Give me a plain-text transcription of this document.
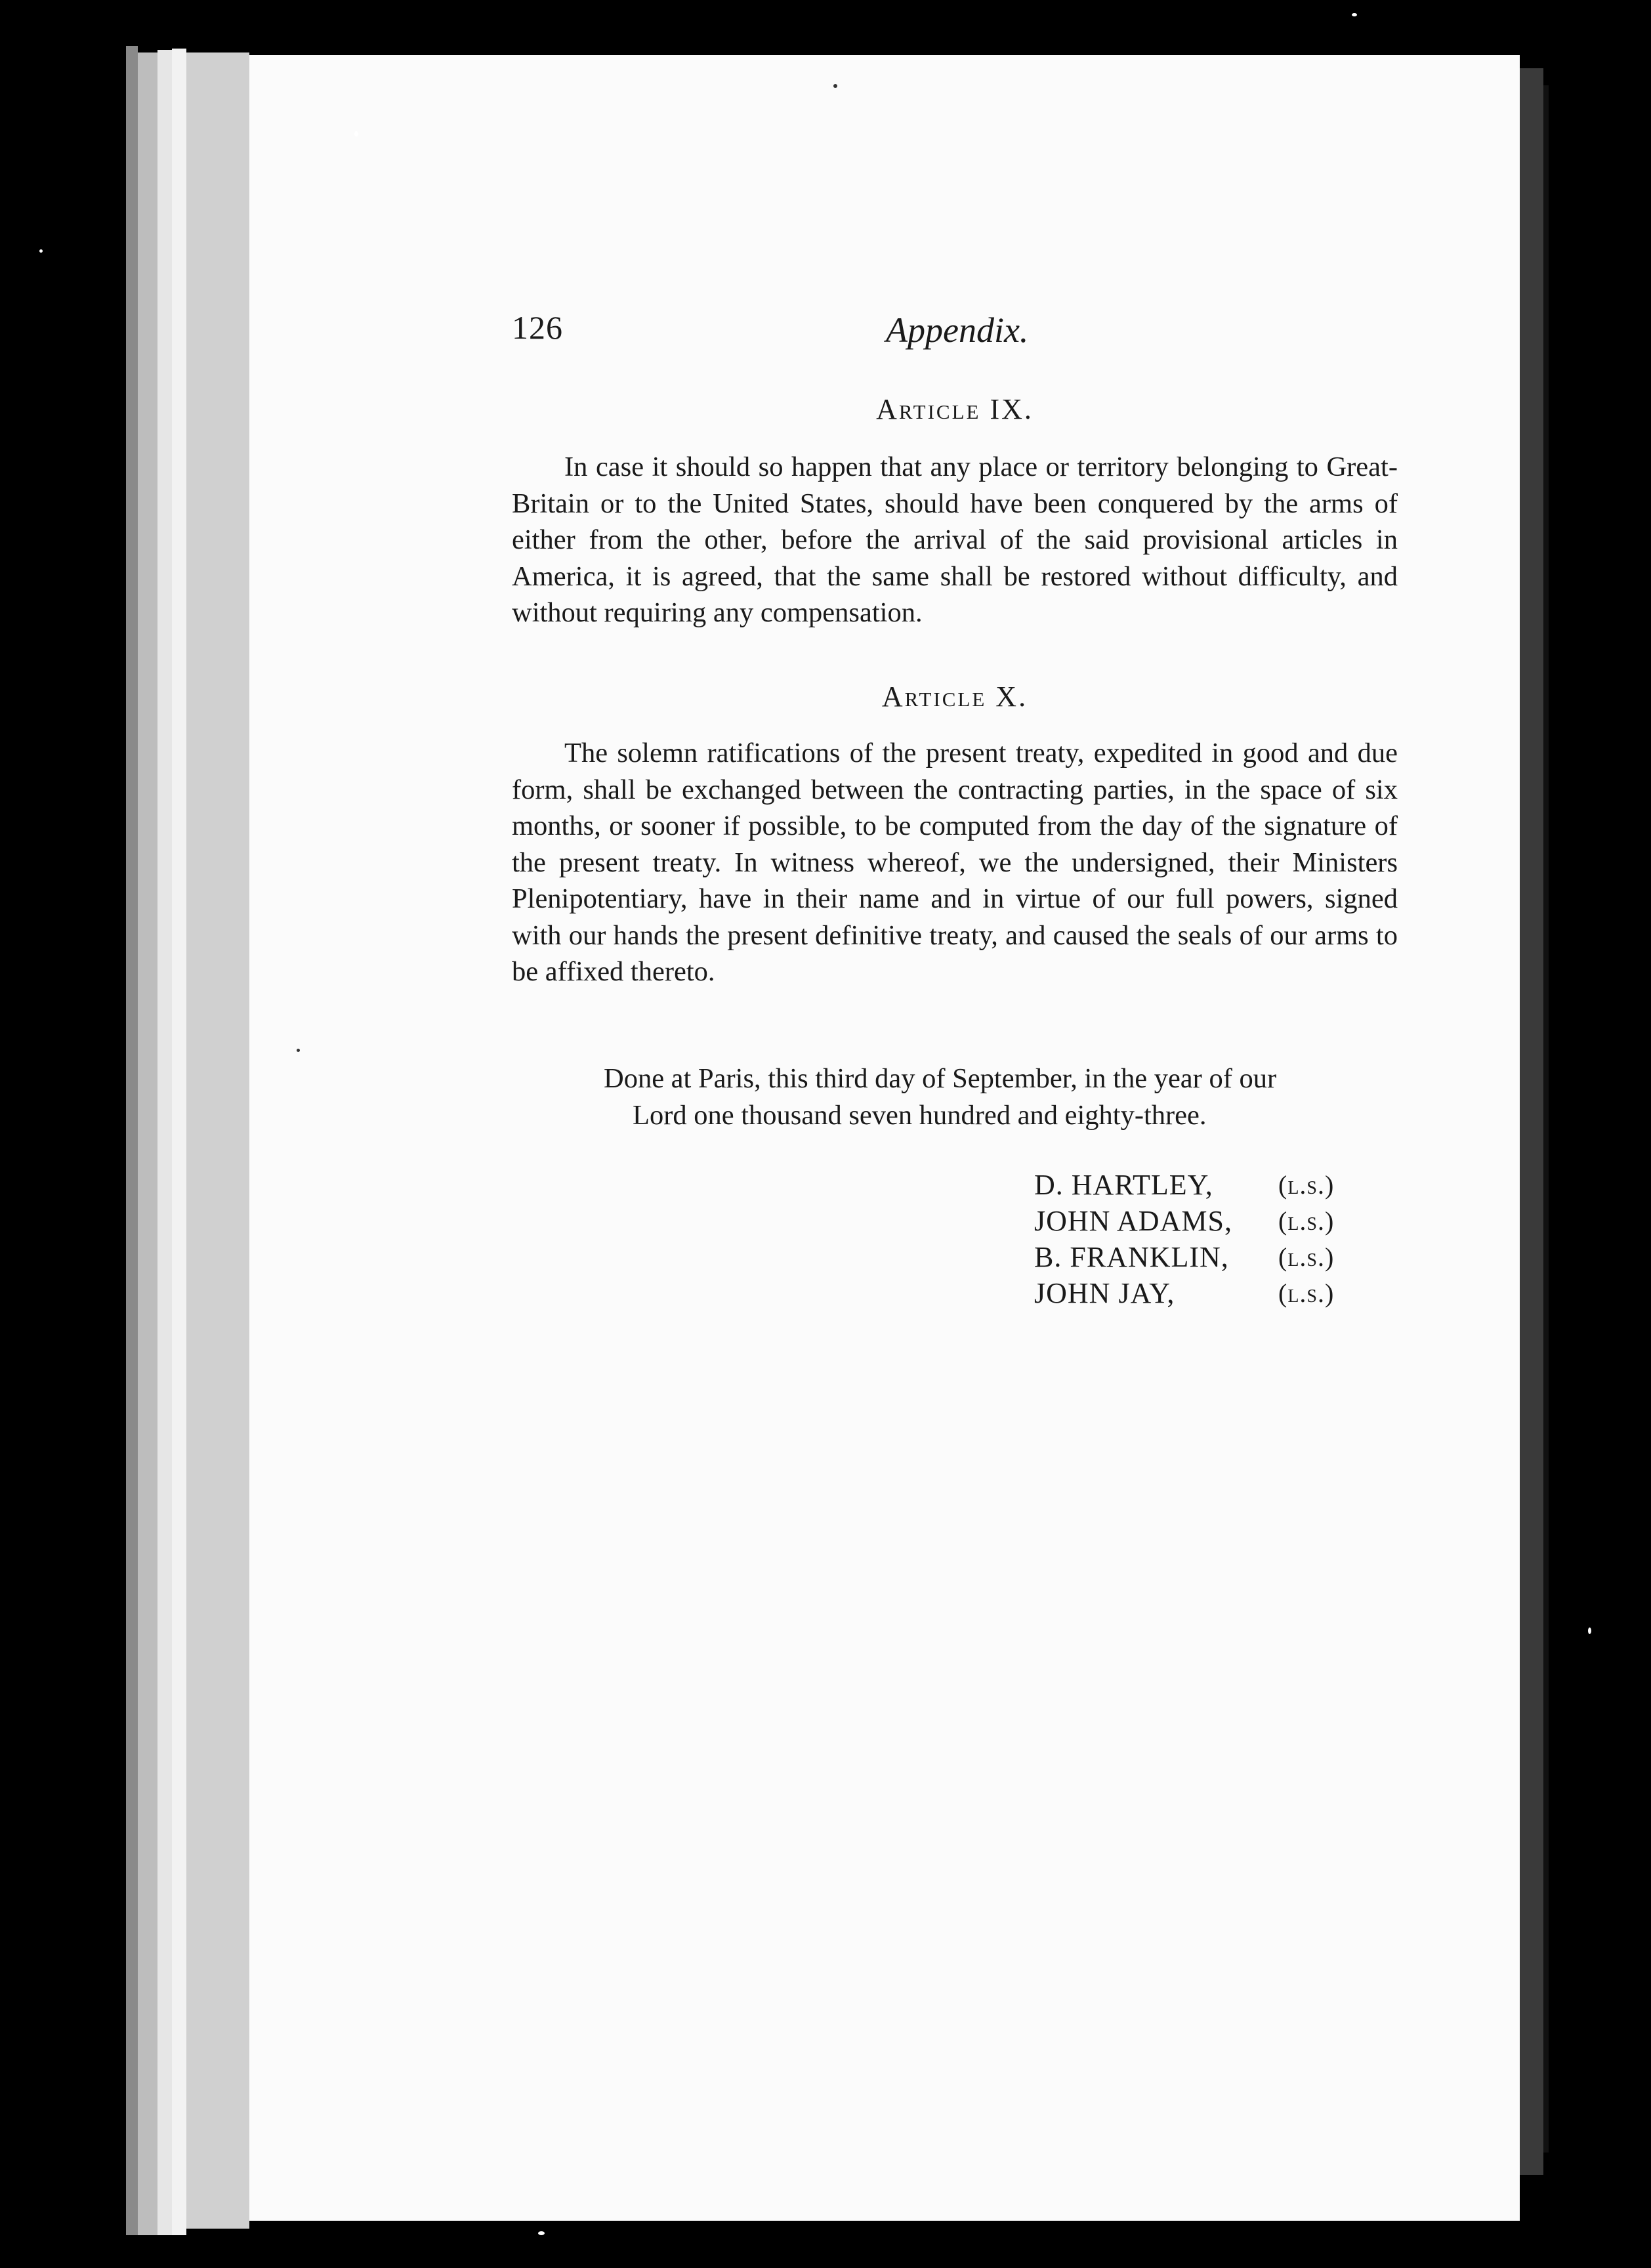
126	Appendix.
Article IX.
In case it should so happen that any place or territory belonging to Great-Britain or to the United States, should have been conquered by the arms of either from the other, before the arrival of the said provisional articles in America, it is agreed, that the same shall be restored without difficulty, and without requiring any compensation.
Article X.
The solemn ratifications of the present treaty, expedited in good and due form, shall be exchanged between the contracting parties, in the space of six months, or sooner if possible, to be computed from the day of the signature of the present treaty. In witness whereof, we the undersigned, their Ministers Plenipotentiary, have in their name and in virtue of our full powers, signed with our hands the present definitive treaty, and caused the seals of our arms to be affixed thereto.
Done at Paris, this third day of September, in the year of our
Lord one thousand seven hundred and eighty-three.
D. HARTLEY,	(l.s.)
JOHN ADAMS,	(l.s.)
B. FRANKLIN,	(l.s.)
JOHN JAY,	(l.s.)
